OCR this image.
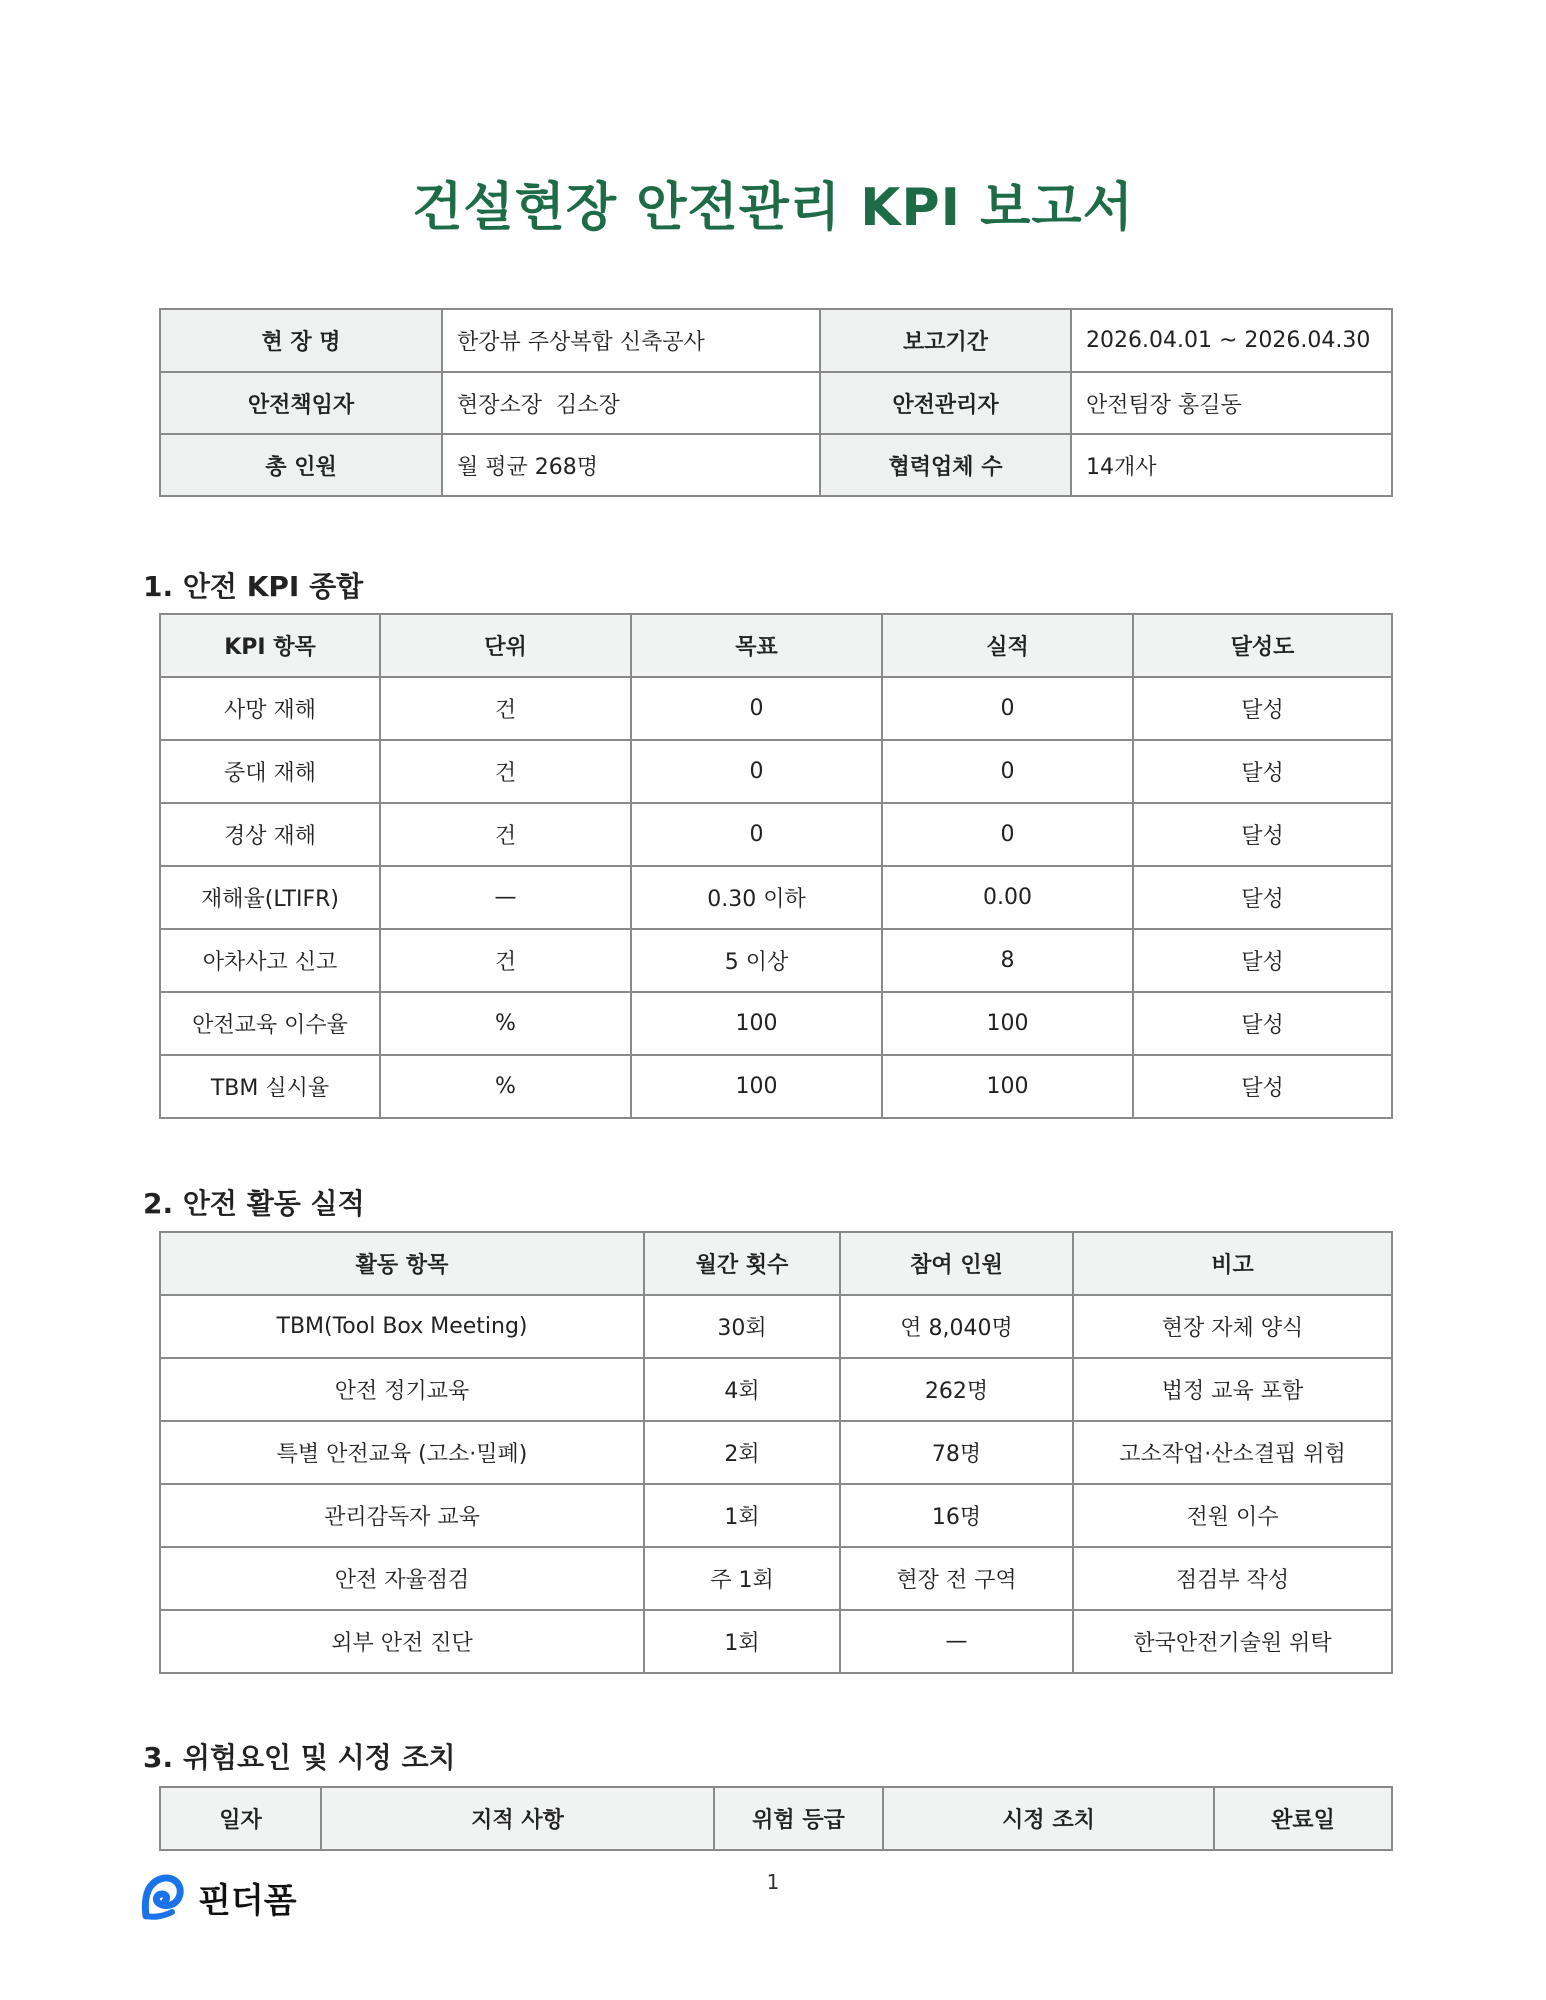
건설현장 안전관리 KPI 보고서
현 장 명	한강뷰 주상복합 신축공사	보고기간	2026.04.01 ~ 2026.04.30
안전책임자	현장소장  김소장	안전관리자	안전팀장 홍길동
총 인원	월 평균 268명	협력업체 수	14개사
1. 안전 KPI 종합
KPI 항목	단위	목표	실적	달성도
사망 재해	건	0	0	달성
중대 재해	건	0	0	달성
경상 재해	건	0	0	달성
재해율(LTIFR)	—	0.30 이하	0.00	달성
아차사고 신고	건	5 이상	8	달성
안전교육 이수율	%	100	100	달성
TBM 실시율	%	100	100	달성
2. 안전 활동 실적
활동 항목	월간 횟수	참여 인원	비고
TBM(Tool Box Meeting)	30회	연 8,040명	현장 자체 양식
안전 정기교육	4회	262명	법정 교육 포함
특별 안전교육 (고소·밀폐)	2회	78명	고소작업·산소결핍 위험
관리감독자 교육	1회	16명	전원 이수
안전 자율점검	주 1회	현장 전 구역	점검부 작성
외부 안전 진단	1회	—	한국안전기술원 위탁
3. 위험요인 및 시정 조치
일자	지적 사항	위험 등급	시정 조치	완료일
1
핀더폼
